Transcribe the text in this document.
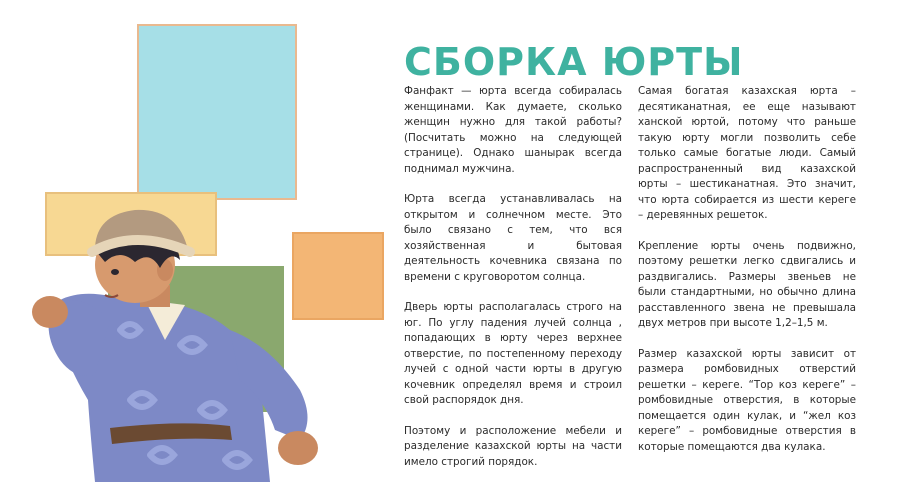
СБОРКА ЮРТЫ

Фанфакт — юрта всегда собиралась женщинами. Как думаете, сколько женщин нужно для такой работы? (Посчитать можно на следующей странице). Однако шанырак всегда поднимал мужчина.

Юрта всегда устанавливалась на открытом и солнечном месте. Это было связано с тем, что вся хозяйственная и бытовая деятельность кочевника связана по времени с круговоротом солнца.

Дверь юрты располагалась строго на юг. По углу падения лучей солнца , попадающих в юрту через верхнее отверстие, по постепенному переходу лучей с одной части юрты в другую кочевник определял время и строил свой распорядок дня.

Поэтому и расположение мебели и разделение казахской юрты на части имело строгий порядок.

Самая богатая казахская юрта – десятиканатная, ее еще называют ханской юртой, потому что раньше такую юрту могли позволить себе только самые богатые люди. Самый распространенный вид казахской юрты – шестиканатная. Это значит, что юрта собирается из шести кереге – деревянных решеток.

Крепление юрты очень подвижно, поэтому решетки легко сдвигались и раздвигались. Размеры звеньев не были стандартными, но обычно длина расставленного звена не превышала двух метров при высоте 1,2–1,5 м.

Размер казахской юрты зависит от размера ромбовидных отверстий решетки – кереге. “Тор коз кереге” – ромбовидные отверстия, в которые помещается один кулак, и “жел коз кереге” – ромбовидные отверстия в которые помещаются два кулака.
